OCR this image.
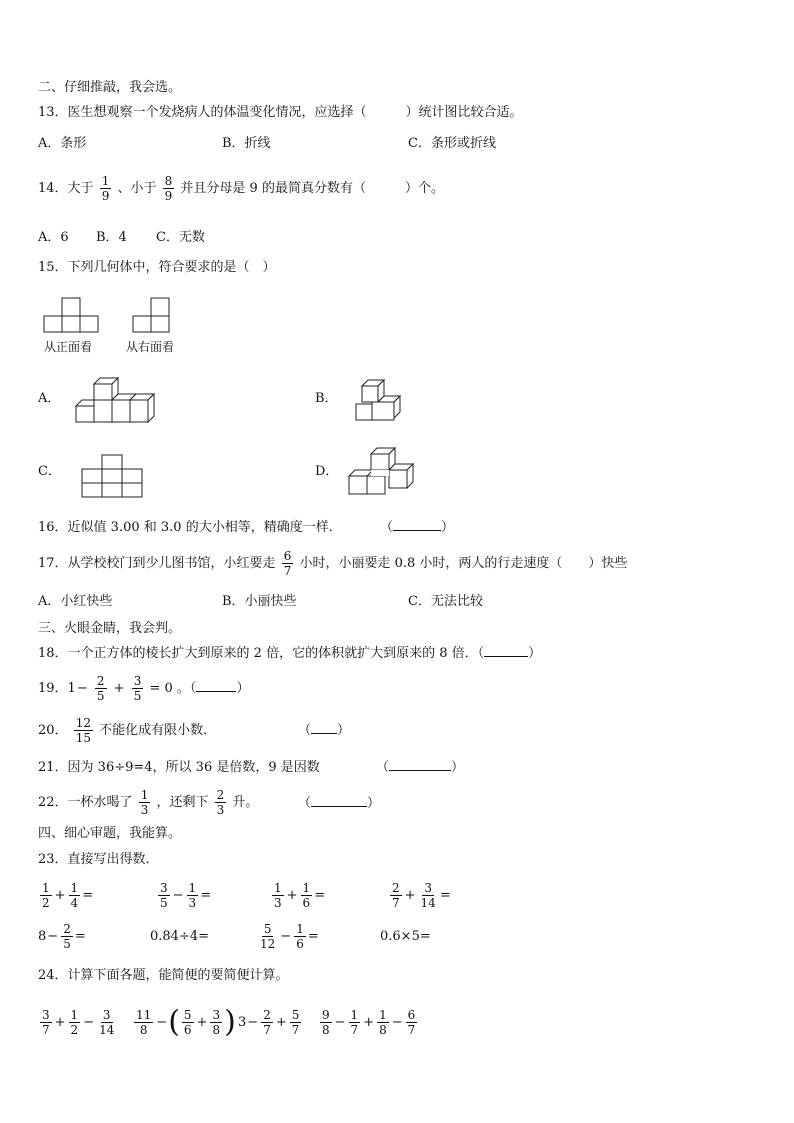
二、仔细推敲，我会选。
13．医生想观察一个发烧病人的体温变化情况，应选择（　　　）统计图比较合适。
A．条形	B．折线	C．条形或折线
14．大于 $\frac{1}{9}$ 、小于 $\frac{8}{9}$ 并且分母是 9 的最简真分数有（　　　）个。
A．6 B．4 C．无数
15．下列几何体中，符合要求的是（　）
从正面看	从右面看
A．	B．
C．	D．
16．近似值 3.00 和 3.0 的大小相等，精确度一样．	（	）
17．从学校校门到少儿图书馆，小红要走 $\frac{6}{7}$ 小时，小丽要走 0.8 小时，两人的行走速度（　　）快些
A．小红快些	B．小丽快些	C．无法比较
三、火眼金睛，我会判。
18．一个正方体的棱长扩大到原来的 2 倍，它的体积就扩大到原来的 8 倍．（	）
19．$1- \frac{2}{5} + \frac{3}{5} = 0$ 。（	）
20． $\frac{12}{15}$ 不能化成有限小数．	（ ）
21．因为 36÷9=4，所以 36 是倍数，9 是因数	（	）
22．一杯水喝了 $\frac{1}{3}$ ，还剩下 $\frac{2}{3}$ 升。	（	）
四、细心审题，我能算。
23．直接写出得数．
$\frac{1}{2} + \frac{1}{4}$ =	$\frac{3}{5} - \frac{1}{3}$ =	$\frac{1}{3} + \frac{1}{6}$ =	$\frac{2}{7} + \frac{3}{14}$ =
$8- \frac{2}{5}$ =	0.84÷4=	$\frac{5}{12} - \frac{1}{6}$ =	0.6×5=
24．计算下面各题，能简便的要简便计算。
$\frac{3}{7} + \frac{1}{2} - \frac{3}{14} \frac{11}{8}$ −( $\frac{5}{6} + \frac{3}{8}$ ) $3- \frac{2}{7} + \frac{5}{7} \frac{9}{8} - \frac{1}{7} + \frac{1}{8} - \frac{6}{7}$
